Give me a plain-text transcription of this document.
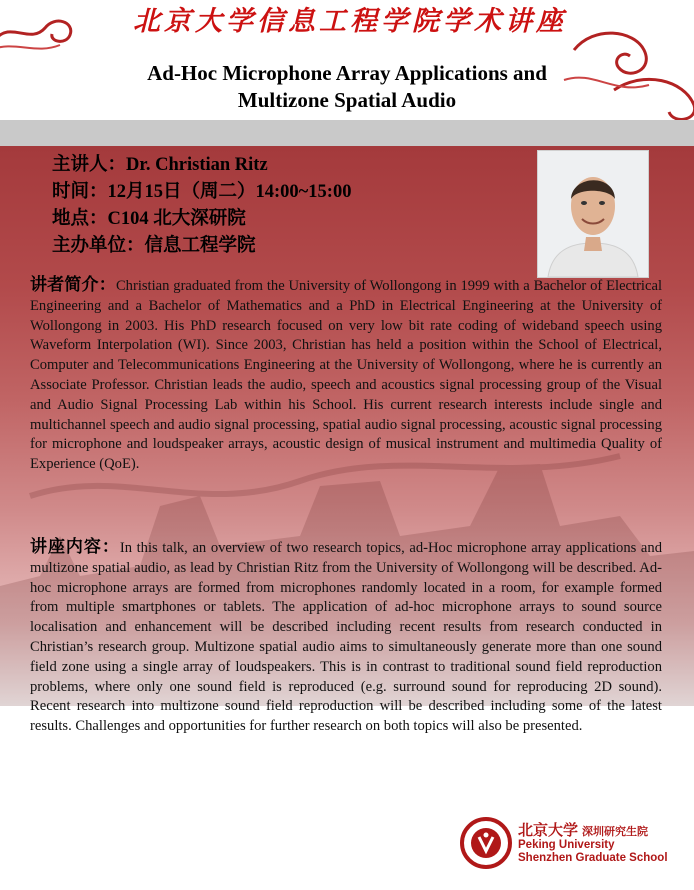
北京大学信息工程学院学术讲座
Ad-Hoc Microphone Array Applications and
Multizone Spatial Audio
主讲人：Dr. Christian Ritz
时间：12月15日（周二）14:00~15:00
地点：C104 北大深研院
主办单位：信息工程学院
讲者简介：Christian graduated from the University of Wollongong in 1999 with a Bachelor of Electrical Engineering and a Bachelor of Mathematics and a PhD in Electrical Engineering at the University of Wollongong in 2003. His PhD research focused on very low bit rate coding of wideband speech using Waveform Interpolation (WI). Since 2003, Christian has held a position within the School of Electrical, Computer and Telecommunications Engineering at the University of Wollongong, where he is currently an Associate Professor. Christian leads the audio, speech and acoustics signal processing group of the Visual and Audio Signal Processing Lab within his School. His current research interests include single and multichannel speech and audio signal processing, spatial audio signal processing, acoustic signal processing for microphone and loudspeaker arrays, acoustic design of musical instrument and multimedia Quality of Experience (QoE).
讲座内容：In this talk, an overview of two research topics, ad-Hoc microphone array applications and multizone spatial audio, as lead by Christian Ritz from the University of Wollongong will be described. Ad-hoc microphone arrays are formed from microphones randomly located in a room, for example formed from multiple smartphones or tablets. The application of ad-hoc microphone arrays to sound source localisation and enhancement will be described including recent results from research conducted in Christian’s research group. Multizone spatial audio aims to simultaneously generate more than one sound field zone using a single array of loudspeakers. This is in contrast to traditional sound field reproduction problems, where only one sound field is reproduced (e.g. surround sound for reproducing 2D sound). Recent research into multizone sound field reproduction will be described including some of the latest results. Challenges and opportunities for further research on both topics will also be presented.
北京大学 深圳研究生院
Peking University
Shenzhen Graduate School
